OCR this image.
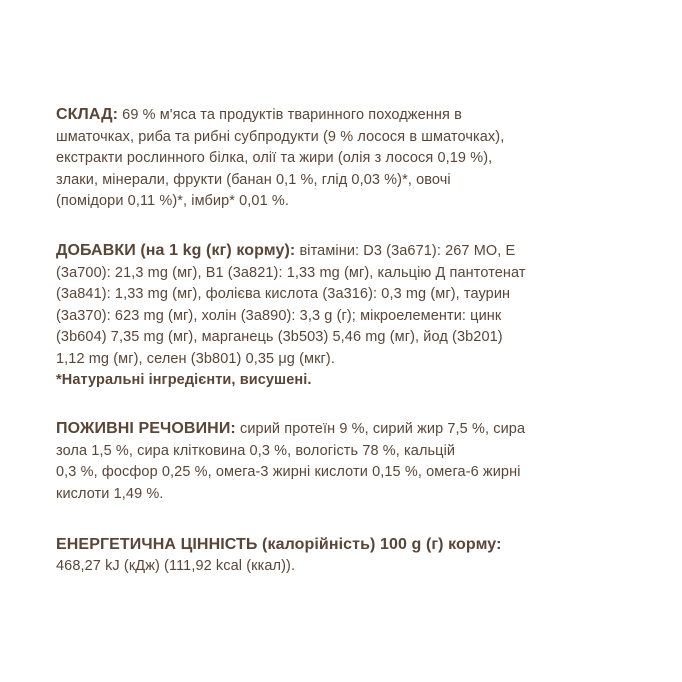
СКЛАД: 69 % м'яса та продуктів тваринного походження в
шматочках, риба та рибні субпродукти (9 % лосося в шматочках),
екстракти рослинного білка, олії та жири (олія з лосося 0,19 %),
злаки, мінерали, фрукти (банан 0,1 %, глід 0,03 %)*, овочі
(помідори 0,11 %)*, імбир* 0,01 %.
ДОБАВКИ (на 1 kg (кг) корму): вітаміни: D3 (3a671): 267 MO, E
(3a700): 21,3 mg (мг), B1 (3a821): 1,33 mg (мг), кальцію Д пантотенат
(3a841): 1,33 mg (мг), фолієва кислота (3a316): 0,3 mg (мг), таурин
(3a370): 623 mg (мг), холін (3a890): 3,3 g (г); мікроелементи: цинк
(3b604) 7,35 mg (мг), марганець (3b503) 5,46 mg (мг), йод (3b201)
1,12 mg (мг), селен (3b801) 0,35 μg (мкг).
*Натуральні інгредієнти, висушені.
ПОЖИВНІ РЕЧОВИНИ: сирий протеїн 9 %, сирий жир 7,5 %, сира
зола 1,5 %, сира клітковина 0,3 %, вологість 78 %, кальцій
0,3 %, фосфор 0,25 %, омега-3 жирні кислоти 0,15 %, омега-6 жирні
кислоти 1,49 %.
ЕНЕРГЕТИЧНА ЦІННІСТЬ (калорійність) 100 g (г) корму:
468,27 kJ (кДж) (111,92 kcal (ккал)).
